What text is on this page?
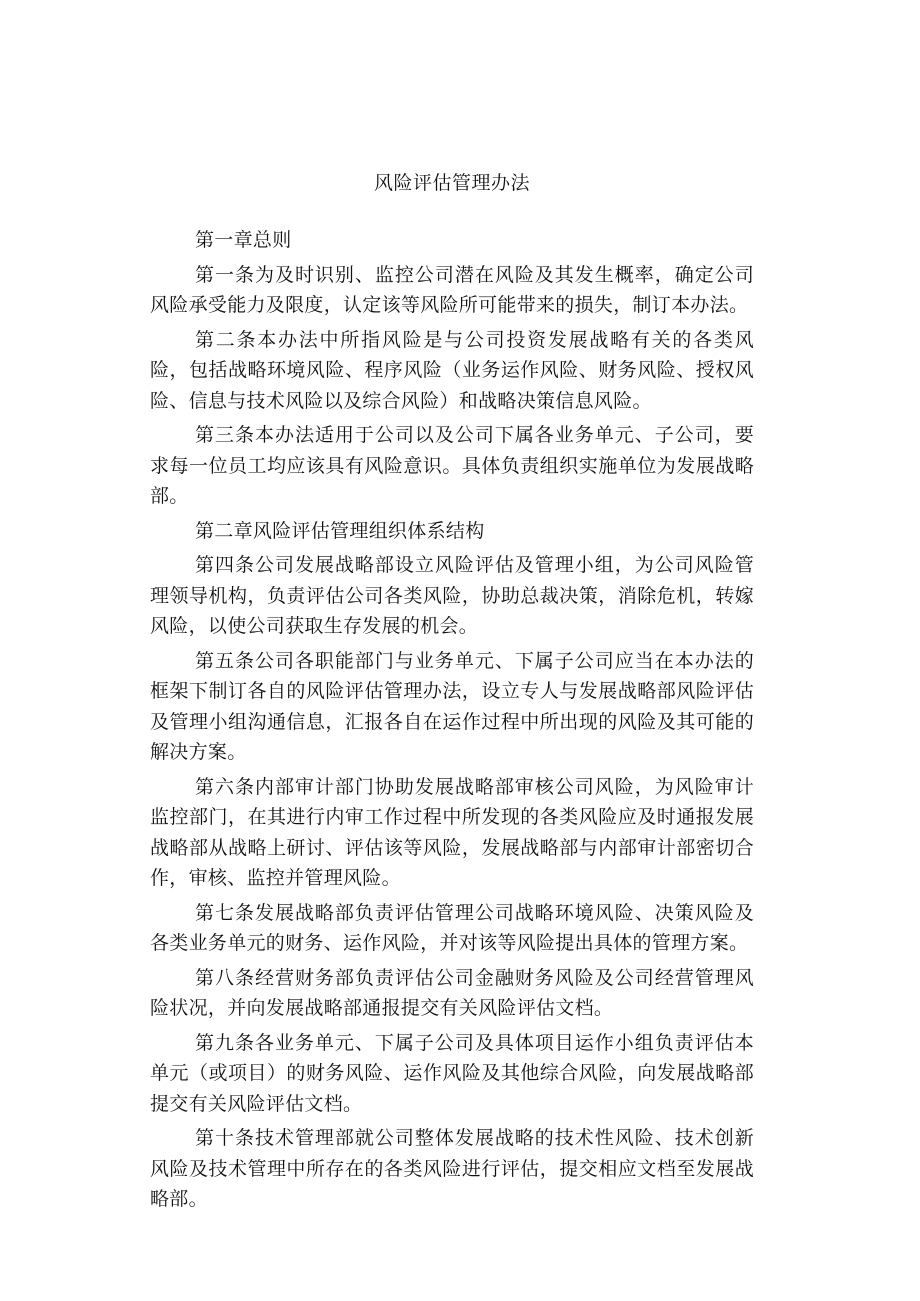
风险评估管理办法

第一章总则

第一条为及时识别、监控公司潜在风险及其发生概率，确定公司风险承受能力及限度，认定该等风险所可能带来的损失，制订本办法。

第二条本办法中所指风险是与公司投资发展战略有关的各类风险，包括战略环境风险、程序风险（业务运作风险、财务风险、授权风险、信息与技术风险以及综合风险）和战略决策信息风险。

第三条本办法适用于公司以及公司下属各业务单元、子公司，要求每一位员工均应该具有风险意识。具体负责组织实施单位为发展战略部。

第二章风险评估管理组织体系结构

第四条公司发展战略部设立风险评估及管理小组，为公司风险管理领导机构，负责评估公司各类风险，协助总裁决策，消除危机，转嫁风险，以使公司获取生存发展的机会。

第五条公司各职能部门与业务单元、下属子公司应当在本办法的框架下制订各自的风险评估管理办法，设立专人与发展战略部风险评估及管理小组沟通信息，汇报各自在运作过程中所出现的风险及其可能的解决方案。

第六条内部审计部门协助发展战略部审核公司风险，为风险审计监控部门，在其进行内审工作过程中所发现的各类风险应及时通报发展战略部从战略上研讨、评估该等风险，发展战略部与内部审计部密切合作，审核、监控并管理风险。

第七条发展战略部负责评估管理公司战略环境风险、决策风险及各类业务单元的财务、运作风险，并对该等风险提出具体的管理方案。

第八条经营财务部负责评估公司金融财务风险及公司经营管理风险状况，并向发展战略部通报提交有关风险评估文档。

第九条各业务单元、下属子公司及具体项目运作小组负责评估本单元（或项目）的财务风险、运作风险及其他综合风险，向发展战略部提交有关风险评估文档。

第十条技术管理部就公司整体发展战略的技术性风险、技术创新风险及技术管理中所存在的各类风险进行评估，提交相应文档至发展战略部。
